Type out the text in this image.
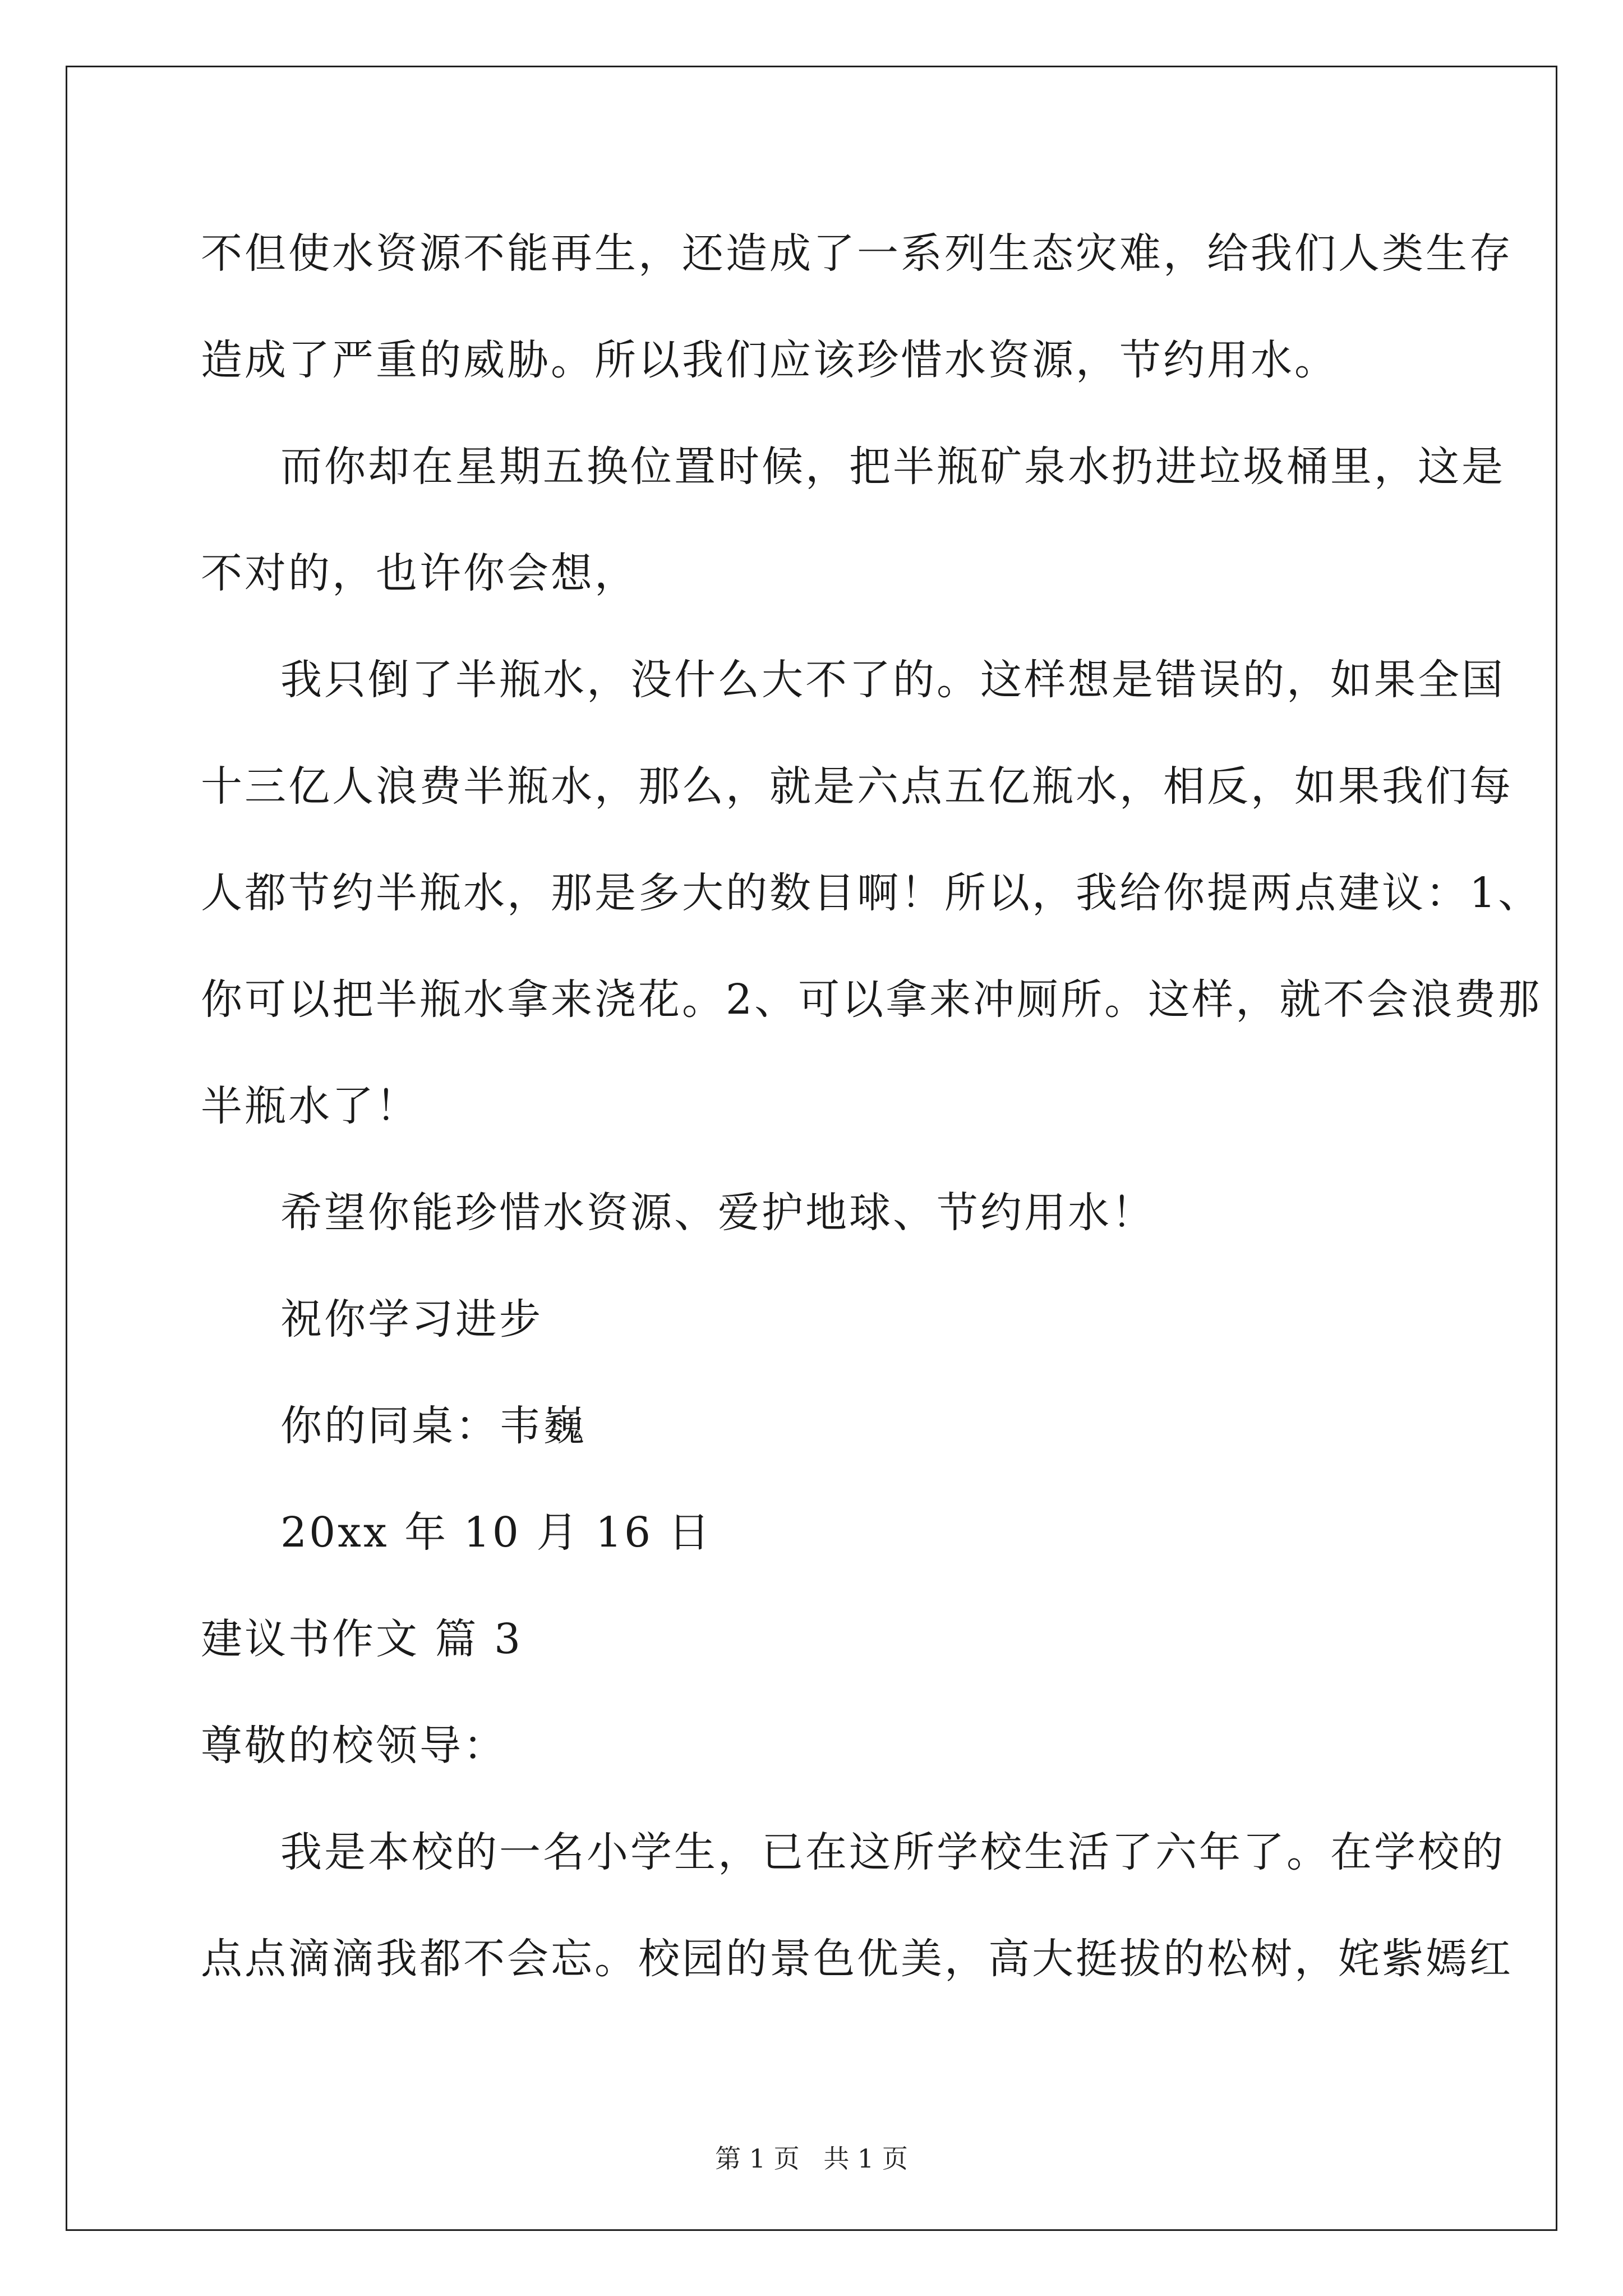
不但使水资源不能再生，还造成了一系列生态灾难，给我们人类生存
造成了严重的威胁。所以我们应该珍惜水资源，节约用水。
而你却在星期五换位置时候，把半瓶矿泉水扔进垃圾桶里，这是
不对的，也许你会想，
我只倒了半瓶水，没什么大不了的。这样想是错误的，如果全国
十三亿人浪费半瓶水，那么，就是六点五亿瓶水，相反，如果我们每
人都节约半瓶水，那是多大的数目啊！所以，我给你提两点建议：1、
你可以把半瓶水拿来浇花。2、可以拿来冲厕所。这样，就不会浪费那
半瓶水了！
希望你能珍惜水资源、爱护地球、节约用水！
祝你学习进步
你的同桌：韦巍
20xx 年 10 月 16 日
建议书作文 篇 3
尊敬的校领导：
我是本校的一名小学生，已在这所学校生活了六年了。在学校的
点点滴滴我都不会忘。校园的景色优美，高大挺拔的松树，姹紫嫣红
第 1 页 共 1 页
